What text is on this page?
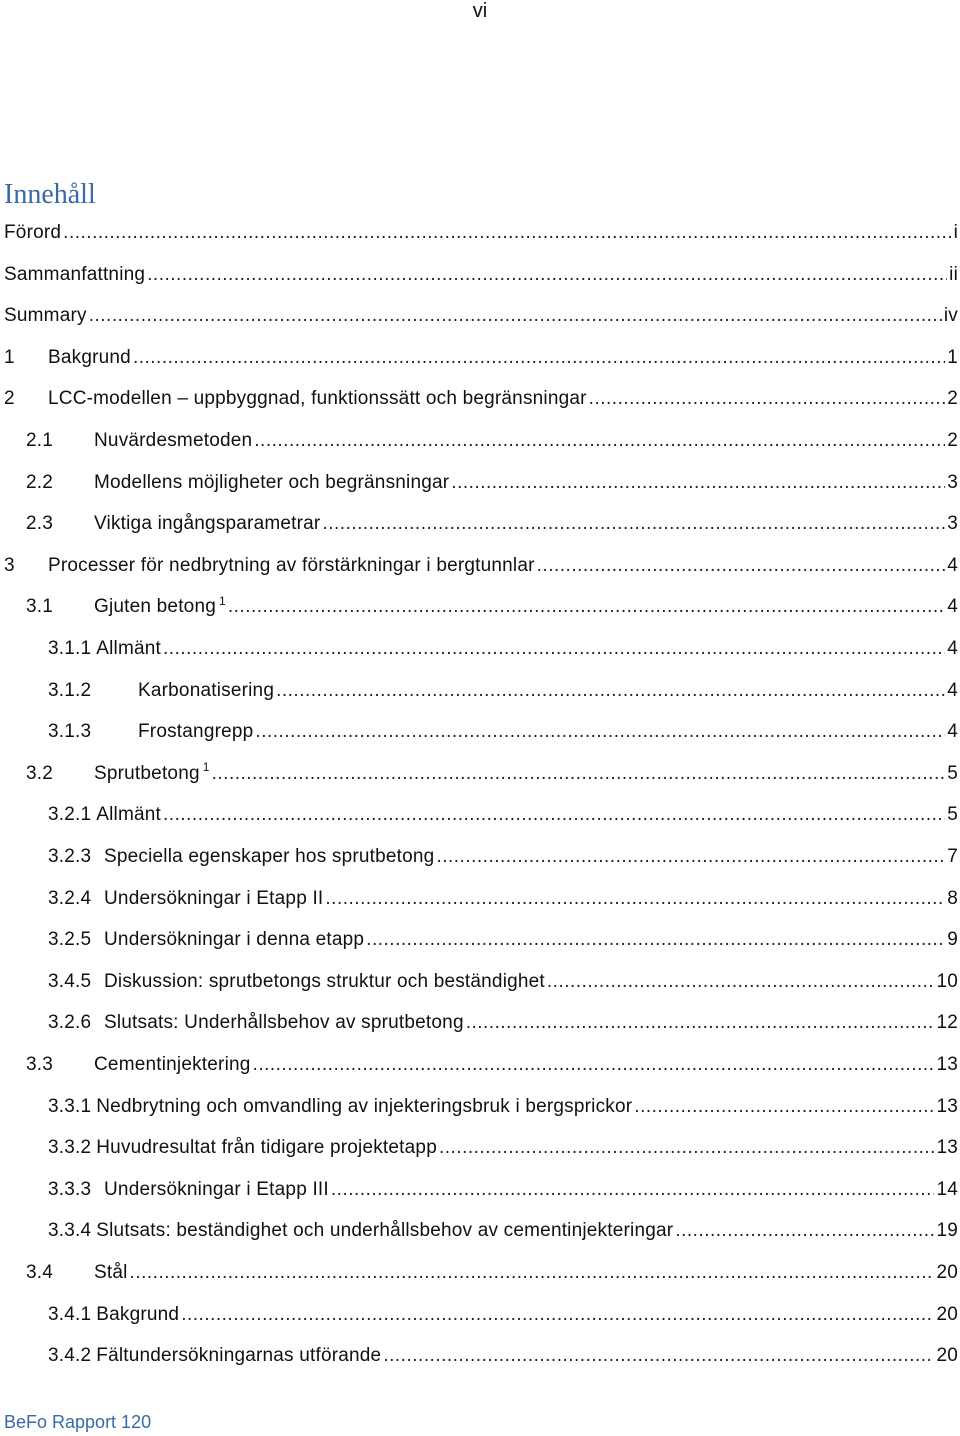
vi
Innehåll
Förord .....	i
Sammanfattning .....	ii
Summary .....	iv
1	Bakgrund .....	1
2	LCC-modellen – uppbyggnad, funktionssätt och begränsningar .....	2
2.1	Nuvärdesmetoden .....	2
2.2	Modellens möjligheter och begränsningar .....	3
2.3	Viktiga ingångsparametrar .....	3
3	Processer för nedbrytning av förstärkningar i bergtunnlar .....	4
3.1	Gjuten betong $^1$ .....	4
3.1.1 Allmänt .....	4
3.1.2	Karbonatisering .....	4
3.1.3	Frostangrepp .....	4
3.2	Sprutbetong $^1$ .....	5
3.2.1 Allmänt .....	5
3.2.3 Speciella egenskaper hos sprutbetong .....	7
3.2.4 Undersökningar i Etapp II .....	8
3.2.5 Undersökningar i denna etapp .....	9
3.4.5 Diskussion: sprutbetongs struktur och beständighet .....	10
3.2.6 Slutsats: Underhållsbehov av sprutbetong .....	12
3.3	Cementinjektering .....	13
3.3.1 Nedbrytning och omvandling av injekteringsbruk i bergsprickor .....	13
3.3.2 Huvudresultat från tidigare projektetapp .....	13
3.3.3 Undersökningar i Etapp III .....	14
3.3.4 Slutsats: beständighet och underhållsbehov av cementinjekteringar .....	19
3.4	Stål .....	20
3.4.1 Bakgrund .....	20
3.4.2 Fältundersökningarnas utförande .....	20
BeFo Rapport 120
